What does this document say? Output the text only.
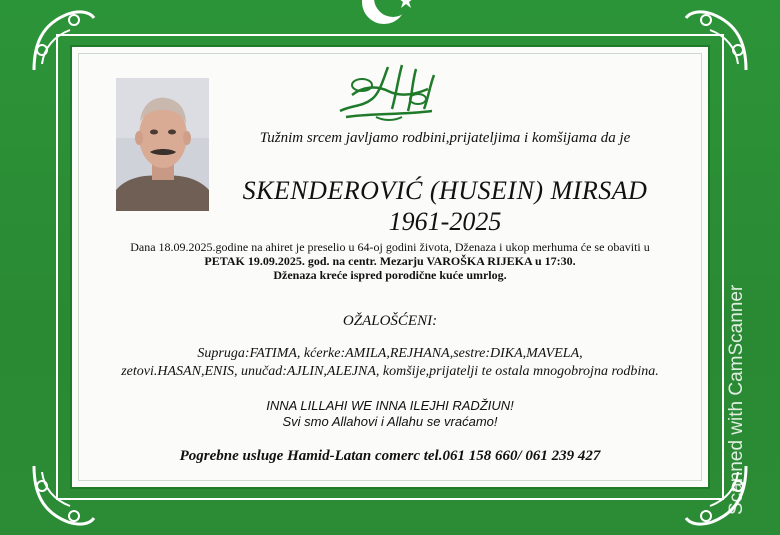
Tužnim srcem javljamo rodbini,prijateljima i komšijama da je
SKENDEROVIĆ (HUSEIN) MIRSAD
1961-2025
Dana 18.09.2025.godine na ahiret je preselio u 64-oj godini života, Dženaza i ukop merhuma će se obaviti u
PETAK 19.09.2025. god. na centr. Mezarju VAROŠKA RIJEKA u 17:30.
Dženaza kreće ispred porodične kuće umrlog.
OŽALOŠĆENI:
Supruga:FATIMA, kćerke:AMILA,REJHANA,sestre:DIKA,MAVELA,
zetovi.HASAN,ENIS, unučad:AJLIN,ALEJNA, komšije,prijatelji te ostala mnogobrojna rodbina.
INNA LILLAHI WE INNA ILEJHI RADŽIUN!
Svi smo Allahovi i Allahu se vraćamo!
Pogrebne usluge Hamid-Latan comerc tel.061 158 660/ 061 239 427	Scanned with CamScanner
